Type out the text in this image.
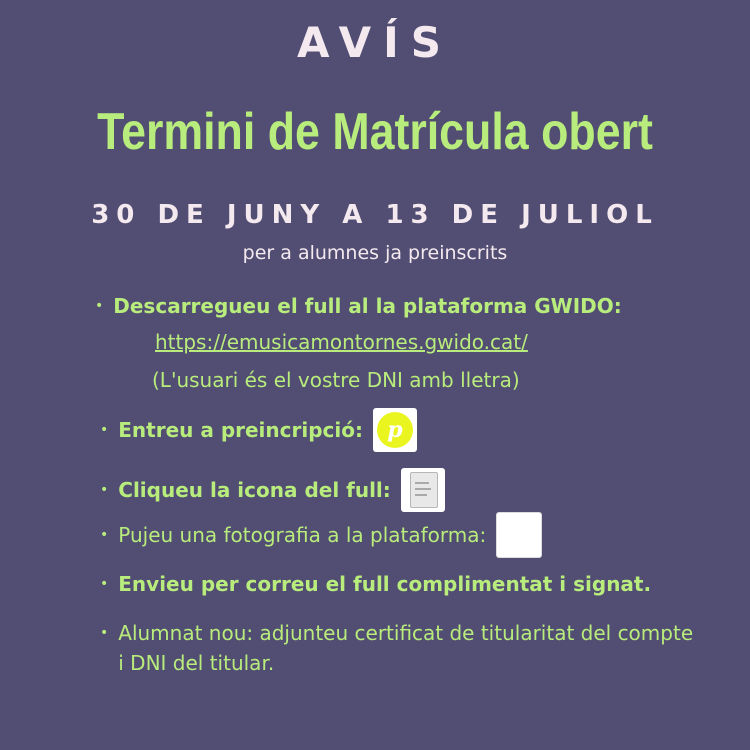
AVÍS
Termini de Matrícula obert
30 DE JUNY A 13 DE JULIOL
per a alumnes ja preinscrits
• Descarregueu el full al la plataforma GWIDO:
https://emusicamontornes.gwido.cat/
(L'usuari és el vostre DNI amb lletra)
• Entreu a preincripció:	p
• Cliqueu la icona del full:
• Pujeu una fotografia a la plataforma:
• Envieu per correu el full complimentat i signat.
• Alumnat nou: adjunteu certificat de titularitat del compte i DNI del titular.
